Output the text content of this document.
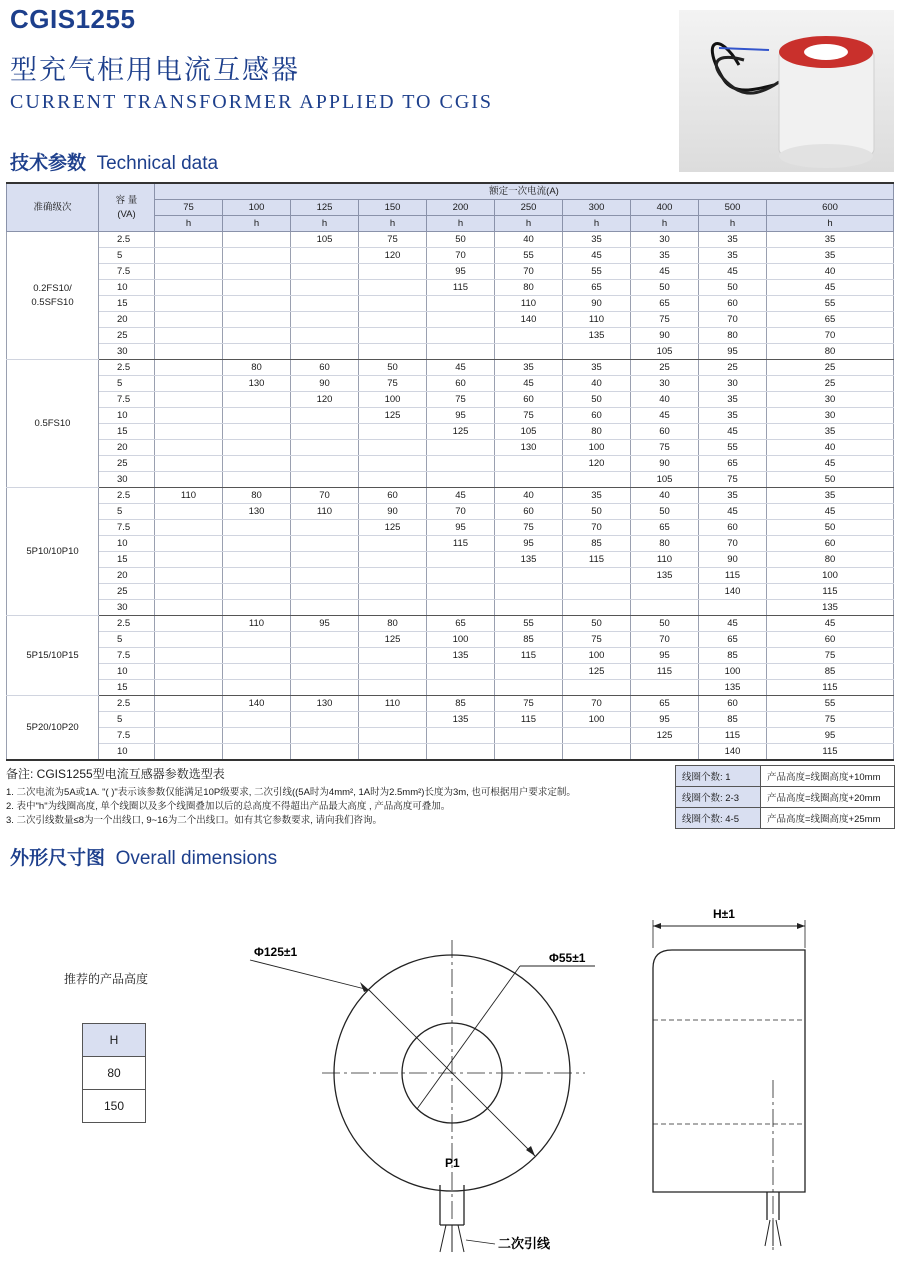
CGIS1255
型充气柜用电流互感器
CURRENT TRANSFORMER APPLIED TO CGIS
技术参数 Technical data
准确级次	容 量
(VA)	额定一次电流(A)									
		75	100	125	150	200	250	300	400	500	600
		h	h	h	h	h	h	h	h	h	h

0.2FS10/
0.5SFS10	2.5			105	75	50	40	35	30	35	35
	5				120	70	55	45	35	35	35
	7.5					95	70	55	45	45	40
	10					115	80	65	50	50	45
	15						110	90	65	60	55
	20						140	110	75	70	65
	25							135	90	80	70
	30								105	95	80

0.5FS10	2.5		80	60	50	45	35	35	25	25	25
	5		130	90	75	60	45	40	30	30	25
	7.5			120	100	75	60	50	40	35	30
	10				125	95	75	60	45	35	30
	15					125	105	80	60	45	35
	20						130	100	75	55	40
	25							120	90	65	45
	30								105	75	50

5P10/10P10	2.5	110	80	70	60	45	40	35	40	35	35
	5		130	110	90	70	60	50	50	45	45
	7.5				125	95	75	70	65	60	50
	10					115	95	85	80	70	60
	15						135	115	110	90	80
	20								135	115	100
	25									140	115
	30										135

5P15/10P15	2.5		110	95	80	65	55	50	50	45	45
	5				125	100	85	75	70	65	60
	7.5					135	115	100	95	85	75
	10							125	115	100	85
	15									135	115

5P20/10P20	2.5		140	130	110	85	75	70	65	60	55
	5					135	115	100	95	85	75
	7.5								125	115	95
	10									140	115
备注: CGIS1255型电流互感器参数选型表
1. 二次电流为5A或1A. "( )"表示该参数仅能满足10P级要求, 二次引线((5A时为4mm², 1A时为2.5mm²)长度为3m, 也可根据用户要求定制。
2. 表中"h"为线圈高度, 单个线圈以及多个线圈叠加以后的总高度不得超出产品最大高度 , 产品高度可叠加。
3. 二次引线数量≤8为一个出线口, 9~16为二个出线口。如有其它参数要求, 请向我们咨询。
线圈个数: 1	产品高度=线圈高度+10mm
线圈个数: 2-3	产品高度=线圈高度+20mm
线圈个数: 4-5	产品高度=线圈高度+25mm
外形尺寸图 Overall dimensions
推荐的产品高度
H
80
150
Φ125±1	Φ55±1
P1
二次引线
H±1
